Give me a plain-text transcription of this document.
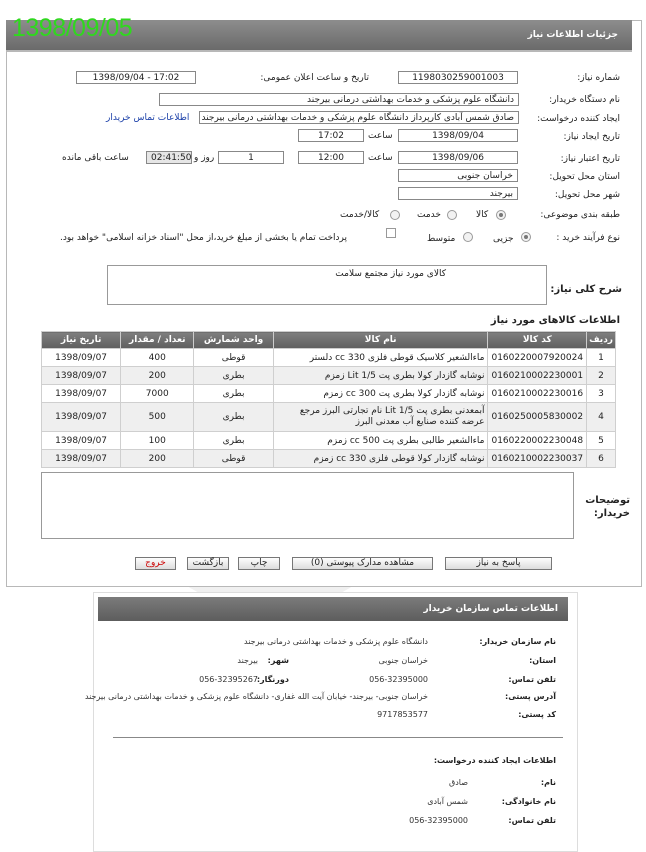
جزئیات اطلاعات نیاز
1398/09/05
شماره نیاز:
1198030259001003
تاریخ و ساعت اعلان عمومی:
1398/09/04 - 17:02
نام دستگاه خریدار:
دانشگاه علوم پزشکی و خدمات بهداشتی درمانی بیرجند
ایجاد کننده درخواست:
صادق شمس آبادی کارپرداز دانشگاه علوم پزشکی و خدمات بهداشتی درمانی بیرجند
اطلاعات تماس خریدار
تاریخ ایجاد نیاز:
1398/09/04
ساعت
17:02
تاریخ اعتبار نیاز:
1398/09/06
ساعت
12:00
1
روز و
02:41:50
ساعت باقی مانده
استان محل تحویل:
خراسان جنوبی
شهر محل تحویل:
بیرجند
طبقه بندی موضوعی:
کالا
خدمت
کالا/خدمت
نوع فرآیند خرید :
جزیی
متوسط
پرداخت تمام یا بخشی از مبلغ خرید،از محل "اسناد خزانه اسلامی" خواهد بود.
شرح کلی نیاز:
کالای مورد نیاز مجتمع سلامت
اطلاعات کالاهای مورد نیاز
ردیف	کد کالا	نام کالا	واحد شمارش	تعداد / مقدار	تاریخ نیاز
1	0160220007920024	ماءالشعیر کلاسیک قوطی فلزی 330 cc دلستر	قوطی	400	1398/09/07
2	0160210002230001	نوشابه گازدار کولا بطری پت Lit 1/5 زمزم	بطری	200	1398/09/07
3	0160210002230016	نوشابه گازدار کولا بطری پت 300 cc زمزم	بطری	7000	1398/09/07
4	0160250005830002	آبمعدنی بطری پت Lit 1/5 نام تجارتی البرز مرجع عرضه کننده صنایع آب معدنی البرز	بطری	500	1398/09/07
5	0160220002230048	ماءالشعیر طالبی بطری پت 500 cc زمزم	بطری	100	1398/09/07
6	0160210002230037	نوشابه گازدار کولا قوطی فلزی 330 cc زمزم	قوطی	200	1398/09/07
توضیحات خریدار:
پاسخ به نیاز
مشاهده مدارک پیوستی (0)
چاپ
بازگشت
خروج
اطلاعات تماس سازمان خریدار
نام سازمان خریدار:
دانشگاه علوم پزشکی و خدمات بهداشتی درمانی بیرجند
استان:
خراسان جنوبی
شهر:
بیرجند
تلفن تماس:
056-32395000
دورنگار:
056-32395267
آدرس پستی:
خراسان جنوبی- بیرجند- خیابان آیت الله غفاری- دانشگاه علوم پزشکی و خدمات بهداشتی درمانی بیرجند
کد پستی:
9717853577
اطلاعات ایجاد کننده درخواست:
نام:
صادق
نام خانوادگی:
شمس آبادی
تلفن تماس:
056-32395000
